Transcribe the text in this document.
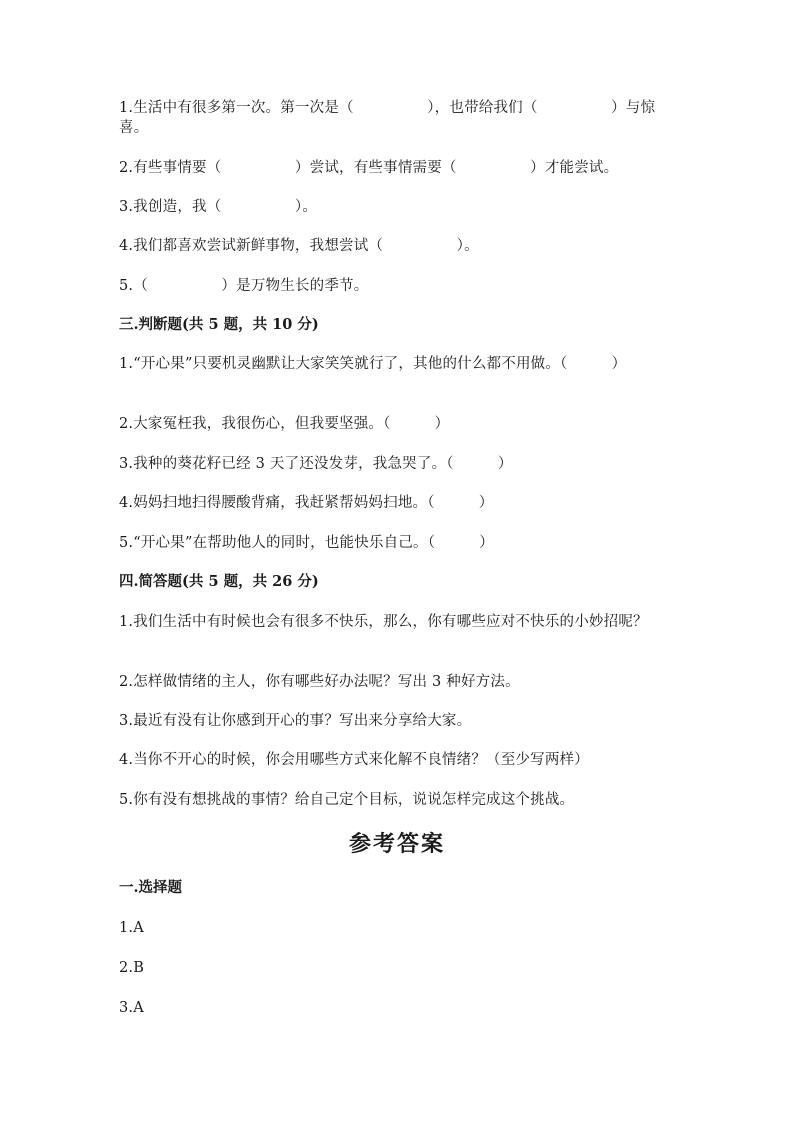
1.生活中有很多第一次。第一次是（　　　　　），也带给我们（　　　　　）与惊喜。
2.有些事情要（　　　　　）尝试，有些事情需要（　　　　　）才能尝试。
3.我创造，我（　　　　　）。
4.我们都喜欢尝试新鲜事物，我想尝试（　　　　　）。
5.（　　　　　）是万物生长的季节。
三.判断题(共 5 题，共 10 分)
1.“开心果”只要机灵幽默让大家笑笑就行了，其他的什么都不用做。（　　　）
2.大家冤枉我，我很伤心，但我要坚强。（　　　）
3.我种的葵花籽已经 3 天了还没发芽，我急哭了。（　　　）
4.妈妈扫地扫得腰酸背痛，我赶紧帮妈妈扫地。（　　　）
5.“开心果”在帮助他人的同时，也能快乐自己。（　　　）
四.简答题(共 5 题，共 26 分)
1.我们生活中有时候也会有很多不快乐，那么，你有哪些应对不快乐的小妙招呢？
2.怎样做情绪的主人，你有哪些好办法呢？写出 3 种好方法。
3.最近有没有让你感到开心的事？写出来分享给大家。
4.当你不开心的时候，你会用哪些方式来化解不良情绪？（至少写两样）
5.你有没有想挑战的事情？给自己定个目标，说说怎样完成这个挑战。
参考答案
一.选择题
1.A
2.B
3.A
